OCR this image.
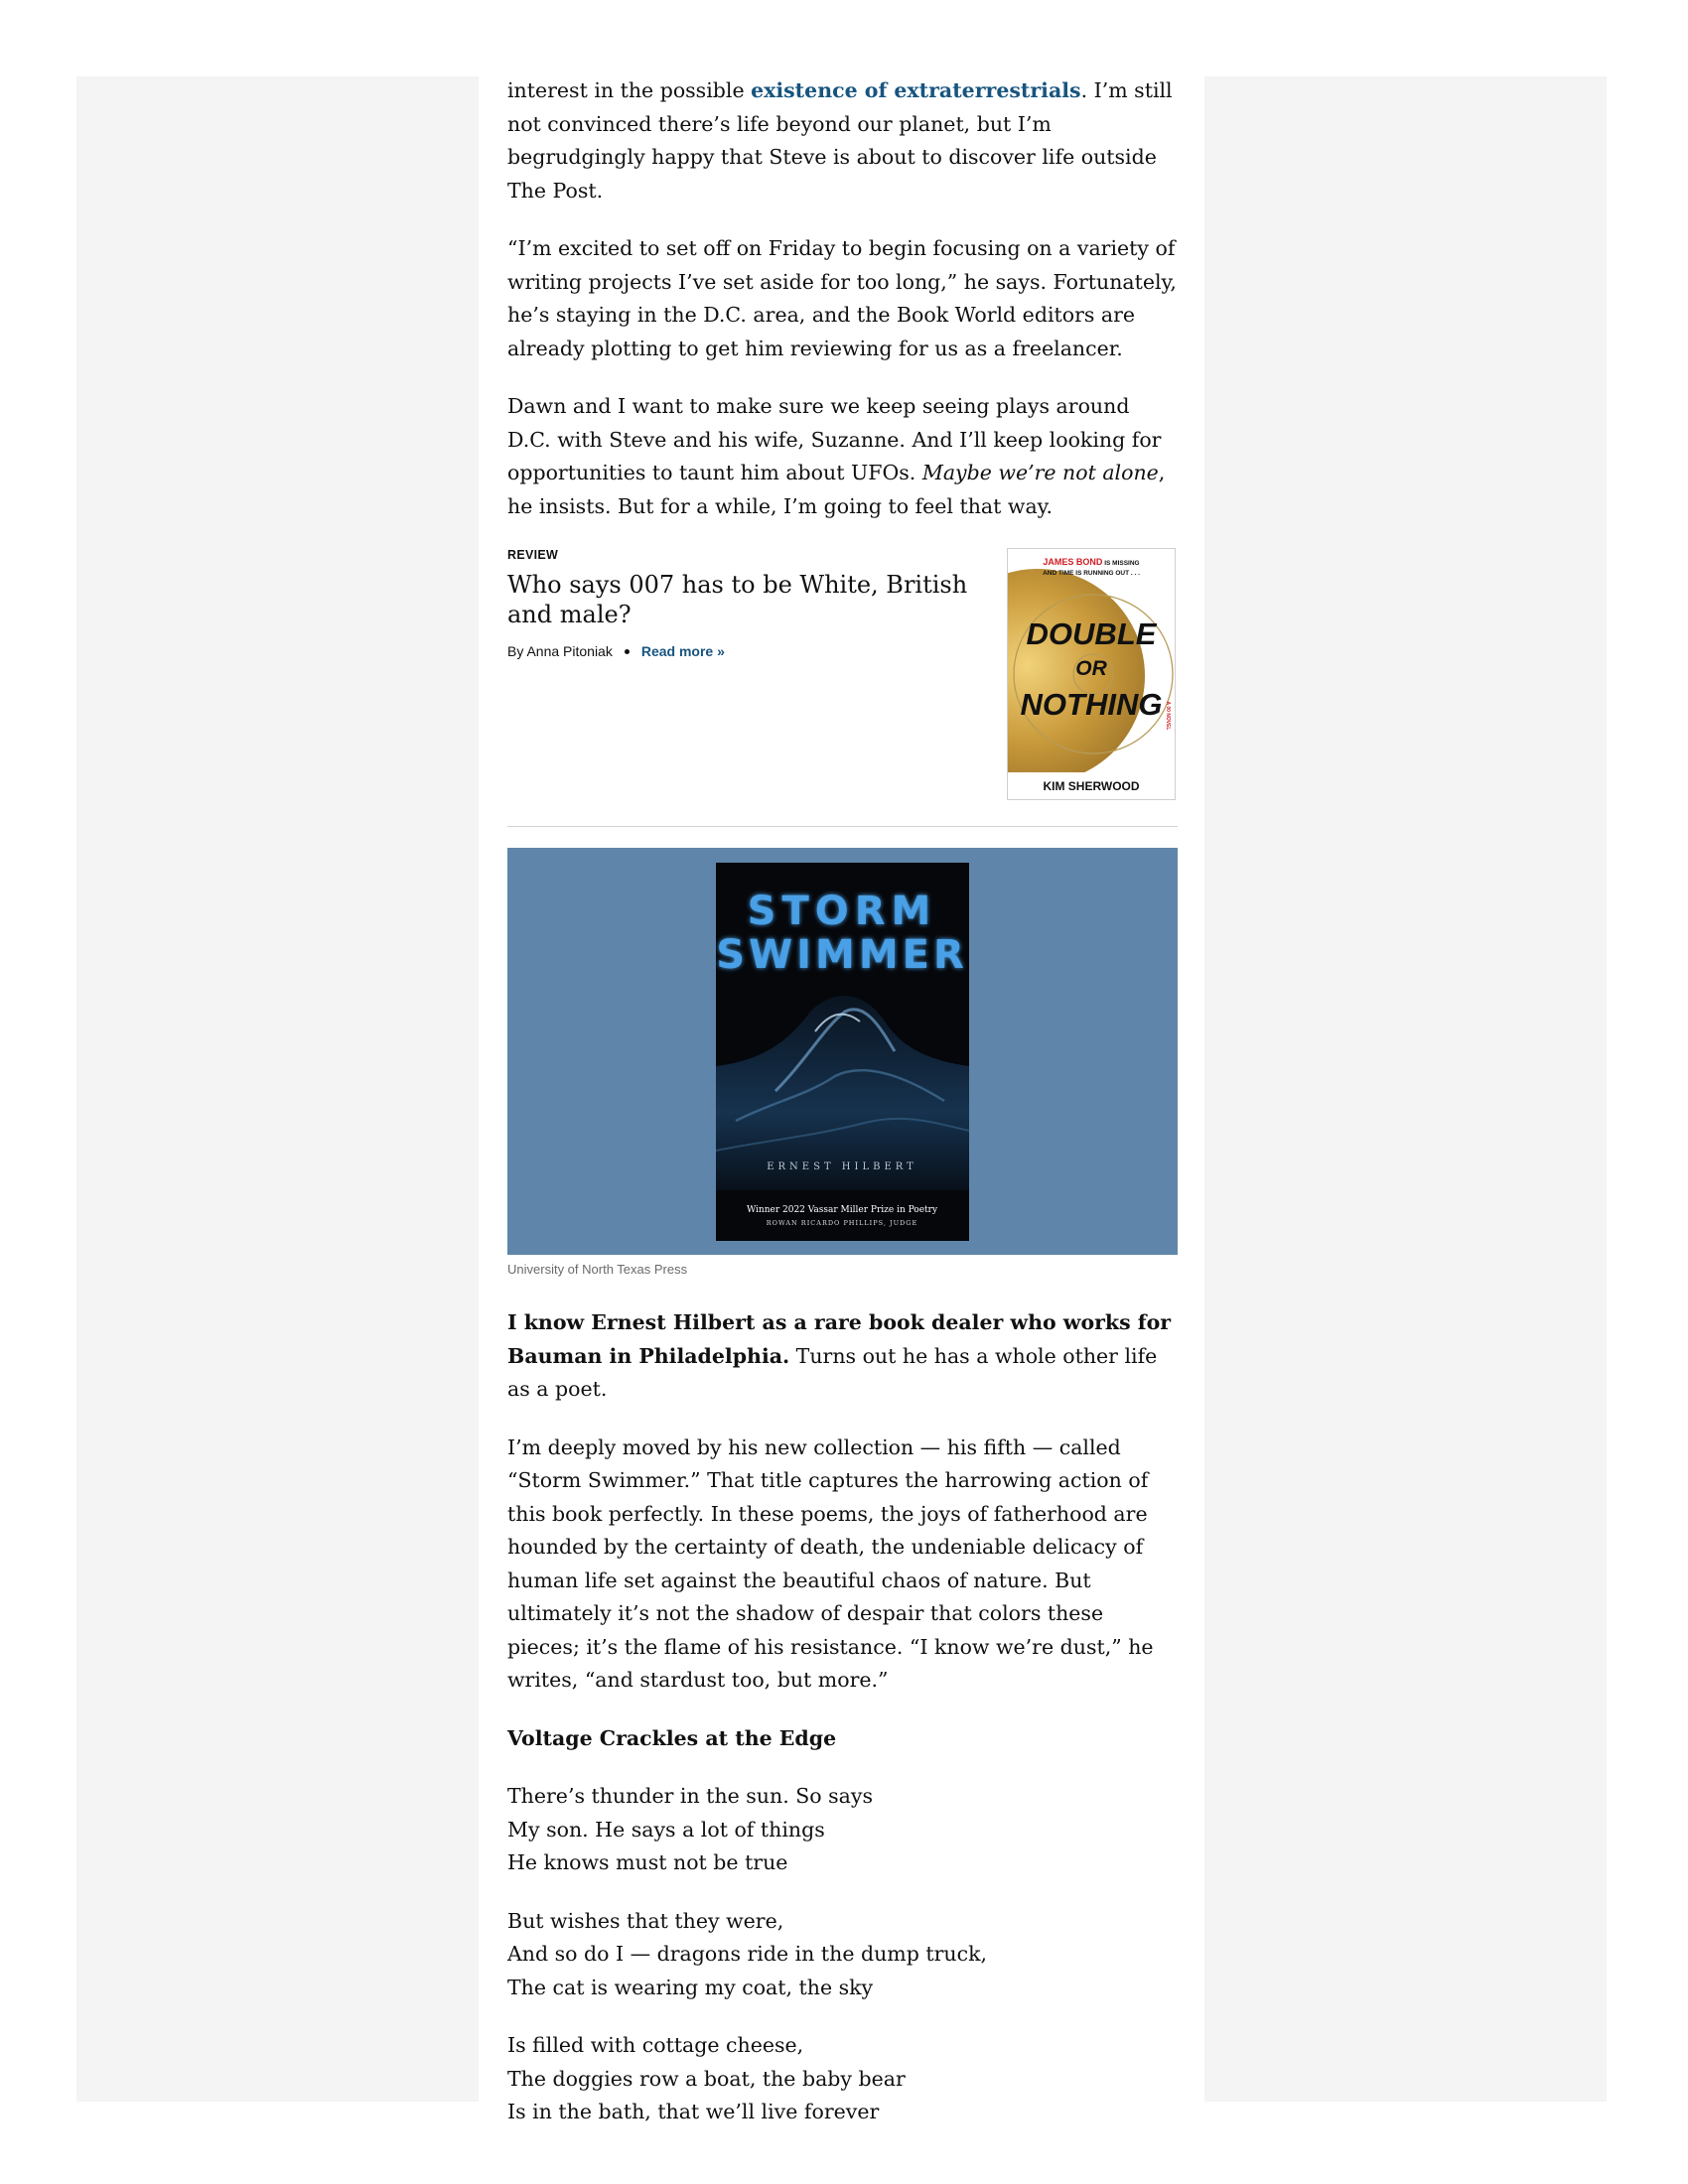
interest in the possible existence of extraterrestrials. I’m still not convinced there’s life beyond our planet, but I’m begrudgingly happy that Steve is about to discover life outside The Post.

“I’m excited to set off on Friday to begin focusing on a variety of writing projects I’ve set aside for too long,” he says. Fortunately, he’s staying in the D.C. area, and the Book World editors are already plotting to get him reviewing for us as a freelancer.

Dawn and I want to make sure we keep seeing plays around D.C. with Steve and his wife, Suzanne. And I’ll keep looking for opportunities to taunt him about UFOs. Maybe we’re not alone, he insists. But for a while, I’m going to feel that way.

REVIEW
Who says 007 has to be White, British and male?
By Anna Pitoniak Read more »
JAMES BOND IS MISSING
AND TIME IS RUNNING OUT . . .
DOUBLE
OR
NOTHING
KIM SHERWOOD
A 00 NOVEL
STORM
SWIMMER
ERNEST HILBERT
Winner 2022 Vassar Miller Prize in Poetry
ROWAN RICARDO PHILLIPS, JUDGE
University of North Texas Press

I know Ernest Hilbert as a rare book dealer who works for Bauman in Philadelphia. Turns out he has a whole other life as a poet.

I’m deeply moved by his new collection — his fifth — called “Storm Swimmer.” That title captures the harrowing action of this book perfectly. In these poems, the joys of fatherhood are hounded by the certainty of death, the undeniable delicacy of human life set against the beautiful chaos of nature. But ultimately it’s not the shadow of despair that colors these pieces; it’s the flame of his resistance. “I know we’re dust,” he writes, “and stardust too, but more.”

Voltage Crackles at the Edge

There’s thunder in the sun. So says
My son. He says a lot of things
He knows must not be true

But wishes that they were,
And so do I — dragons ride in the dump truck,
The cat is wearing my coat, the sky

Is filled with cottage cheese,
The doggies row a boat, the baby bear
Is in the bath, that we’ll live forever
